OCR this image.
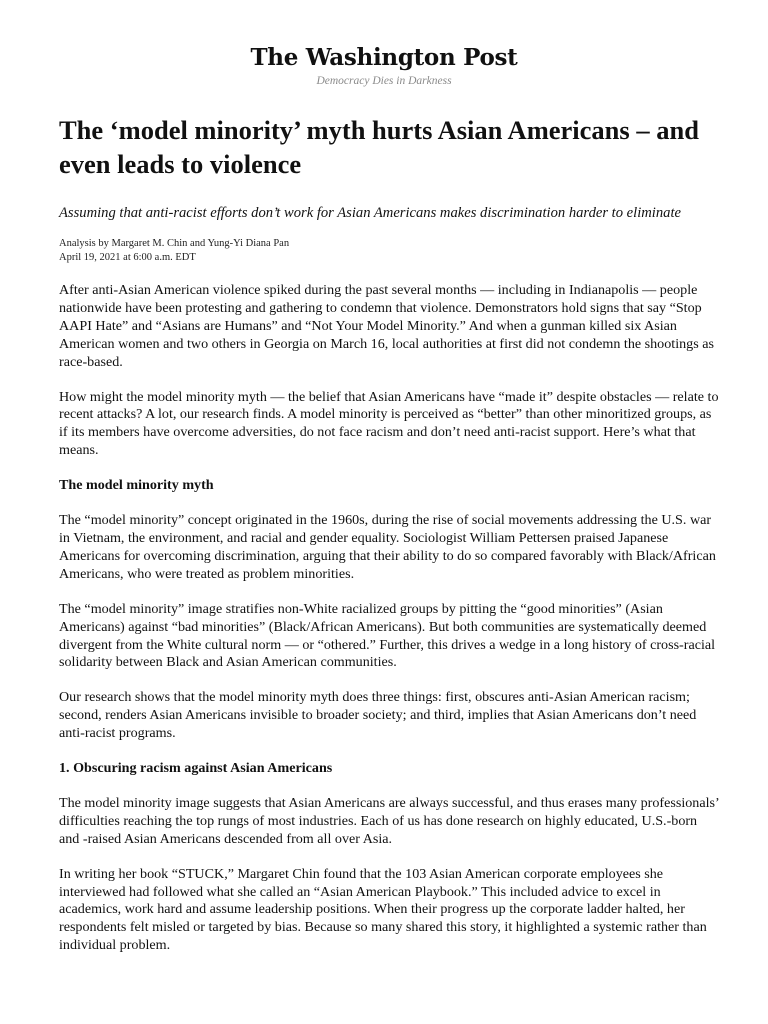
The Washington Post
Democracy Dies in Darkness
The ‘model minority’ myth hurts Asian Americans – and even leads to violence

Assuming that anti-racist efforts don’t work for Asian Americans makes discrimination harder to eliminate

Analysis by Margaret M. Chin and Yung-Yi Diana Pan
April 19, 2021 at 6:00 a.m. EDT

After anti-Asian American violence spiked during the past several months — including in Indianapolis — people nationwide have been protesting and gathering to condemn that violence. Demonstrators hold signs that say “Stop AAPI Hate” and “Asians are Humans” and “Not Your Model Minority.” And when a gunman killed six Asian American women and two others in Georgia on March 16, local authorities at first did not condemn the shootings as race-based.

How might the model minority myth — the belief that Asian Americans have “made it” despite obstacles — relate to recent attacks? A lot, our research finds. A model minority is perceived as “better” than other minoritized groups, as if its members have overcome adversities, do not face racism and don’t need anti-racist support. Here’s what that means.

The model minority myth

The “model minority” concept originated in the 1960s, during the rise of social movements addressing the U.S. war in Vietnam, the environment, and racial and gender equality. Sociologist William Pettersen praised Japanese Americans for overcoming discrimination, arguing that their ability to do so compared favorably with Black/African Americans, who were treated as problem minorities.

The “model minority” image stratifies non-White racialized groups by pitting the “good minorities” (Asian Americans) against “bad minorities” (Black/African Americans). But both communities are systematically deemed divergent from the White cultural norm — or “othered.” Further, this drives a wedge in a long history of cross-racial solidarity between Black and Asian American communities.

Our research shows that the model minority myth does three things: first, obscures anti-Asian American racism; second, renders Asian Americans invisible to broader society; and third, implies that Asian Americans don’t need anti-racist programs.

1. Obscuring racism against Asian Americans

The model minority image suggests that Asian Americans are always successful, and thus erases many professionals’ difficulties reaching the top rungs of most industries. Each of us has done research on highly educated, U.S.-born and -raised Asian Americans descended from all over Asia.

In writing her book “STUCK,” Margaret Chin found that the 103 Asian American corporate employees she interviewed had followed what she called an “Asian American Playbook.” This included advice to excel in academics, work hard and assume leadership positions. When their progress up the corporate ladder halted, her respondents felt misled or targeted by bias. Because so many shared this story, it highlighted a systemic rather than individual problem.
